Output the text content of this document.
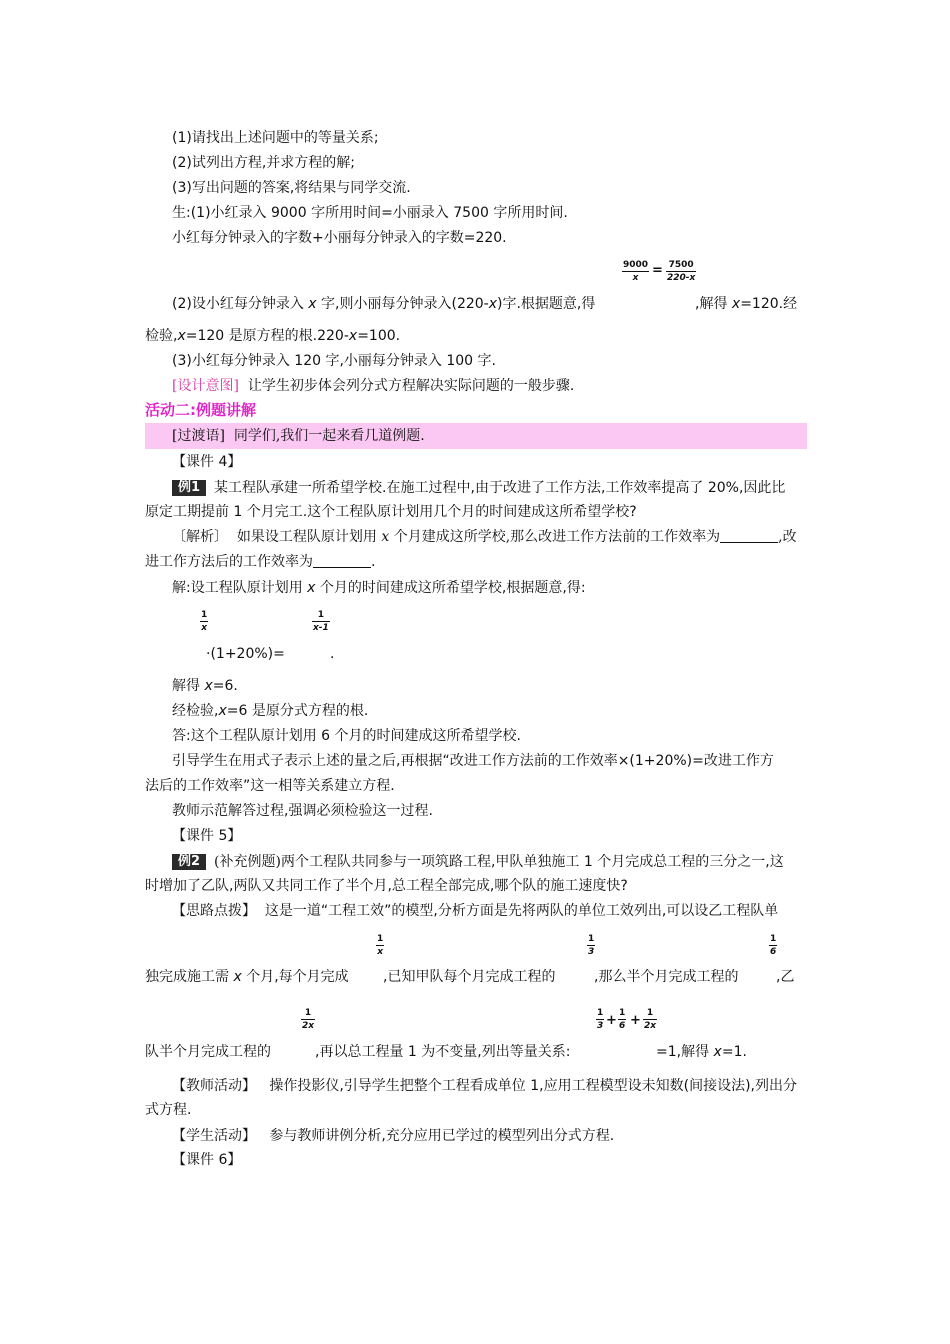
(1)请找出上述问题中的等量关系;
(2)试列出方程,并求方程的解;
(3)写出问题的答案,将结果与同学交流.
生:(1)小红录入 9000 字所用时间=小丽录入 7500 字所用时间.
小红每分钟录入的字数+小丽每分钟录入的字数=220.
9000
x = 7500
220-x
(2)设小红每分钟录入 x 字,则小丽每分钟录入(220-x)字.根据题意,得	,解得 x=120.经
检验,x=120 是原方程的根.220-x=100.
(3)小红每分钟录入 120 字,小丽每分钟录入 100 字.
[设计意图] 让学生初步体会列分式方程解决实际问题的一般步骤.
活动二:例题讲解
[过渡语] 同学们,我们一起来看几道例题.
【课件 4】
例1 某工程队承建一所希望学校.在施工过程中,由于改进了工作方法,工作效率提高了 20%,因此比
原定工期提前 1 个月完工.这个工程队原计划用几个月的时间建成这所希望学校?
〔解析〕 如果设工程队原计划用 x 个月建成这所学校,那么改进工作方法前的工作效率为	,改
进工作方法后的工作效率为	.
解:设工程队原计划用 x 个月的时间建成这所希望学校,根据题意,得:
1
x
1
x-1
·(1+20%)=	.
解得 x=6.
经检验,x=6 是原分式方程的根.
答:这个工程队原计划用 6 个月的时间建成这所希望学校.
引导学生在用式子表示上述的量之后,再根据“改进工作方法前的工作效率×(1+20%)=改进工作方
法后的工作效率”这一相等关系建立方程.
教师示范解答过程,强调必须检验这一过程.
【课件 5】
例2 (补充例题)两个工程队共同参与一项筑路工程,甲队单独施工 1 个月完成总工程的三分之一,这
时增加了乙队,两队又共同工作了半个月,总工程全部完成,哪个队的施工速度快?
【思路点拨】 这是一道“工程工效”的模型,分析方面是先将两队的单位工效列出,可以设乙工程队单
1
x
1
3
1
6
独完成施工需 x 个月,每个月完成 ,已知甲队每个月完成工程的	,那么半个月完成工程的	,乙
1
2x
1
3 + 1
6 + 1
2x
队半个月完成工程的	,再以总工程量 1 为不变量,列出等量关系:	=1,解得 x=1.
【教师活动】 操作投影仪,引导学生把整个工程看成单位 1,应用工程模型设未知数(间接设法),列出分
式方程.
【学生活动】 参与教师讲例分析,充分应用已学过的模型列出分式方程.
【课件 6】
